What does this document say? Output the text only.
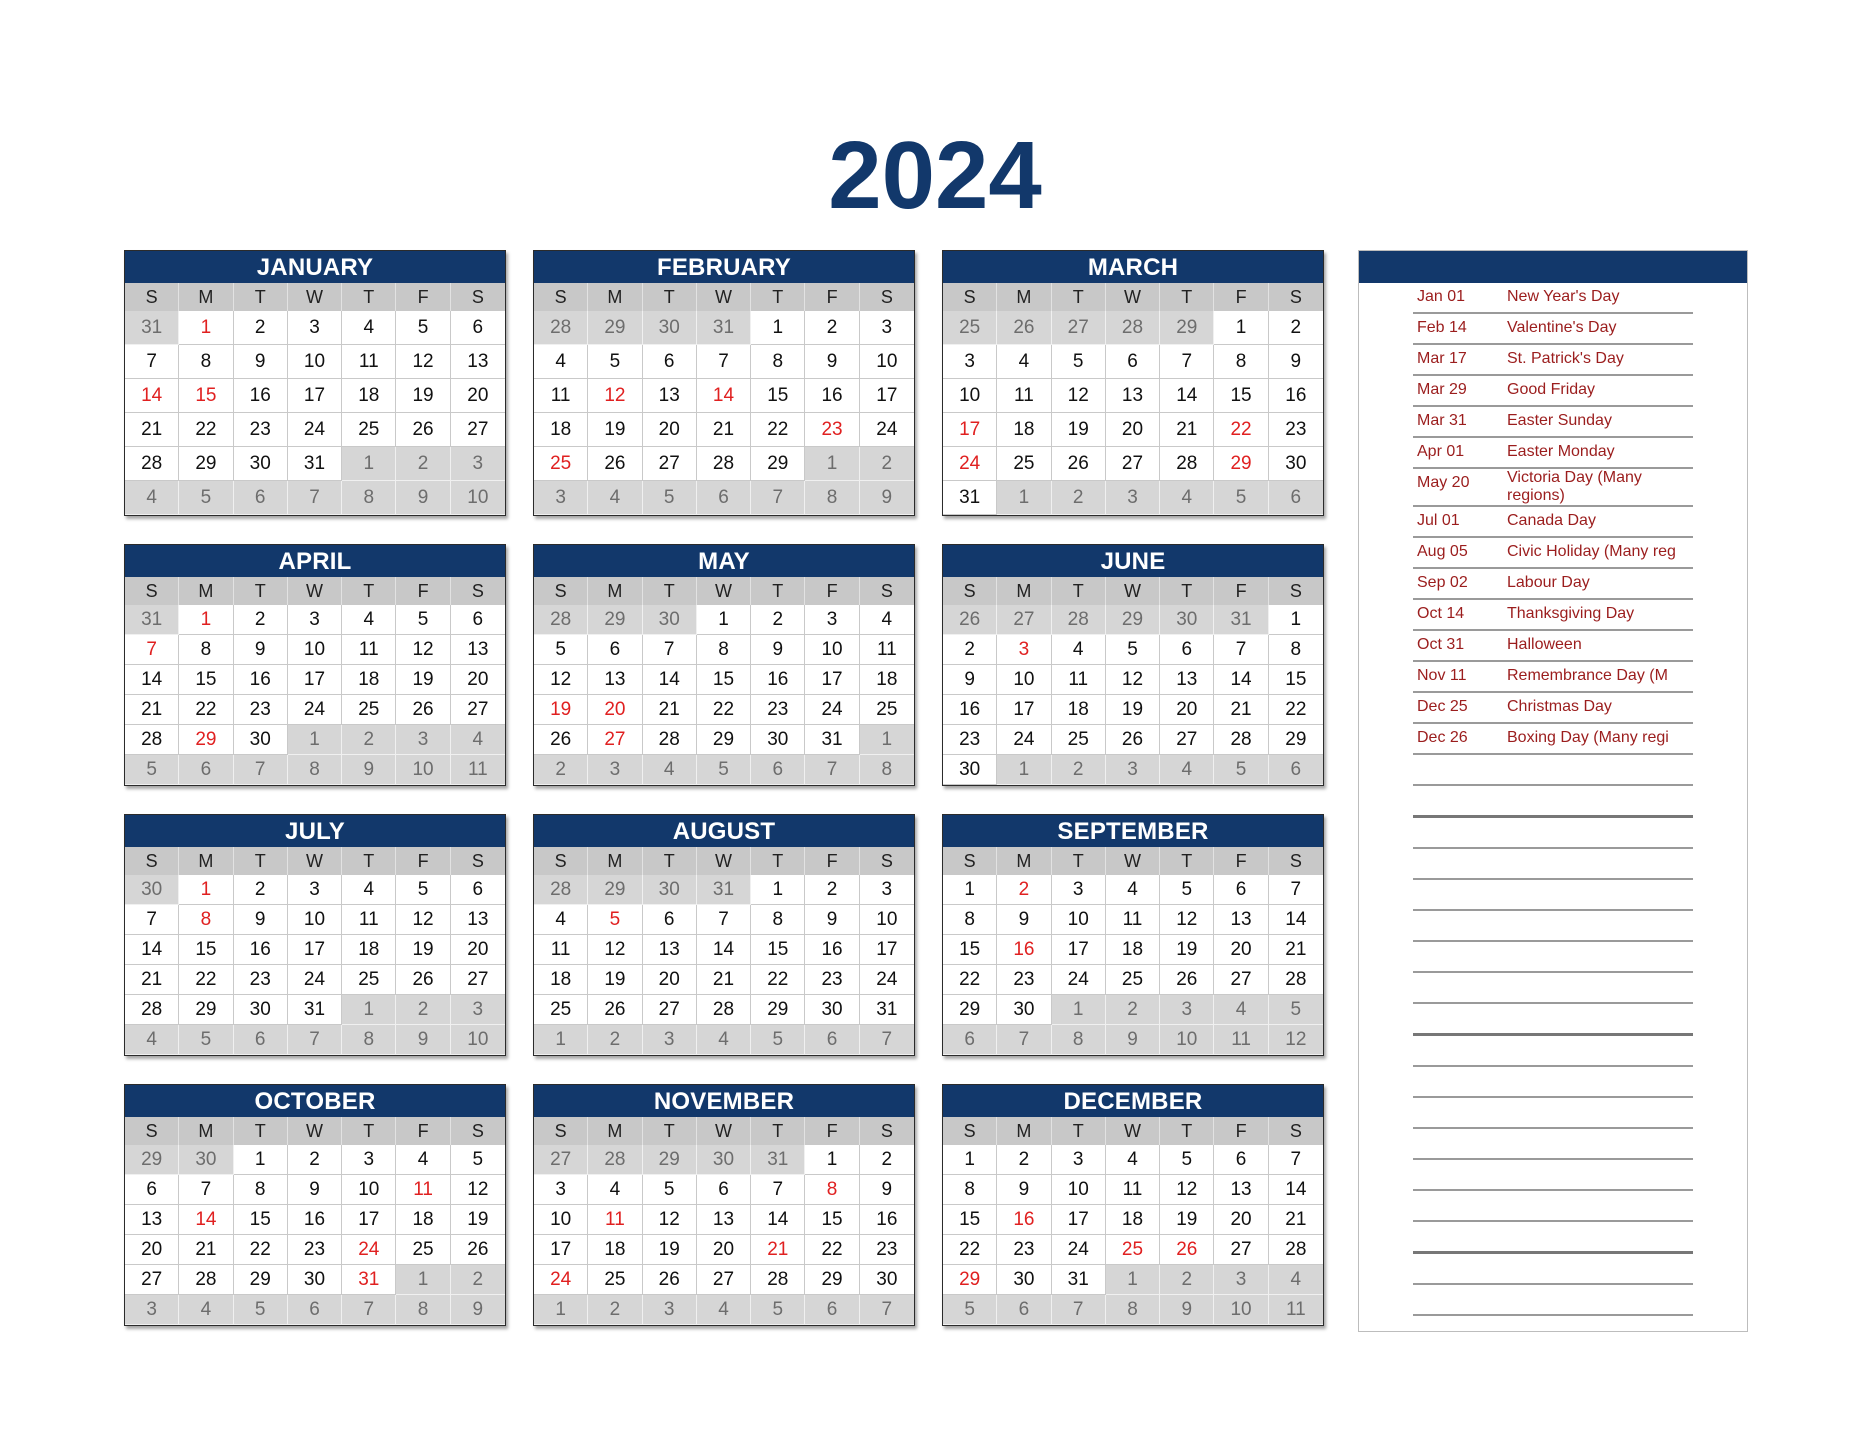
2024
JANUARY
S	M	T	W	T	F	S
31	1	2	3	4	5	6
7	8	9	10	11	12	13
14	15	16	17	18	19	20
21	22	23	24	25	26	27
28	29	30	31	1	2	3
4	5	6	7	8	9	10
FEBRUARY
S	M	T	W	T	F	S
28	29	30	31	1	2	3
4	5	6	7	8	9	10
11	12	13	14	15	16	17
18	19	20	21	22	23	24
25	26	27	28	29	1	2
3	4	5	6	7	8	9
MARCH
S	M	T	W	T	F	S
25	26	27	28	29	1	2
3	4	5	6	7	8	9
10	11	12	13	14	15	16
17	18	19	20	21	22	23
24	25	26	27	28	29	30
31	1	2	3	4	5	6
APRIL
S	M	T	W	T	F	S
31	1	2	3	4	5	6
7	8	9	10	11	12	13
14	15	16	17	18	19	20
21	22	23	24	25	26	27
28	29	30	1	2	3	4
5	6	7	8	9	10	11
MAY
S	M	T	W	T	F	S
28	29	30	1	2	3	4
5	6	7	8	9	10	11
12	13	14	15	16	17	18
19	20	21	22	23	24	25
26	27	28	29	30	31	1
2	3	4	5	6	7	8
JUNE
S	M	T	W	T	F	S
26	27	28	29	30	31	1
2	3	4	5	6	7	8
9	10	11	12	13	14	15
16	17	18	19	20	21	22
23	24	25	26	27	28	29
30	1	2	3	4	5	6
JULY
S	M	T	W	T	F	S
30	1	2	3	4	5	6
7	8	9	10	11	12	13
14	15	16	17	18	19	20
21	22	23	24	25	26	27
28	29	30	31	1	2	3
4	5	6	7	8	9	10
AUGUST
S	M	T	W	T	F	S
28	29	30	31	1	2	3
4	5	6	7	8	9	10
11	12	13	14	15	16	17
18	19	20	21	22	23	24
25	26	27	28	29	30	31
1	2	3	4	5	6	7
SEPTEMBER
S	M	T	W	T	F	S
1	2	3	4	5	6	7
8	9	10	11	12	13	14
15	16	17	18	19	20	21
22	23	24	25	26	27	28
29	30	1	2	3	4	5
6	7	8	9	10	11	12
OCTOBER
S	M	T	W	T	F	S
29	30	1	2	3	4	5
6	7	8	9	10	11	12
13	14	15	16	17	18	19
20	21	22	23	24	25	26
27	28	29	30	31	1	2
3	4	5	6	7	8	9
NOVEMBER
S	M	T	W	T	F	S
27	28	29	30	31	1	2
3	4	5	6	7	8	9
10	11	12	13	14	15	16
17	18	19	20	21	22	23
24	25	26	27	28	29	30
1	2	3	4	5	6	7
DECEMBER
S	M	T	W	T	F	S
1	2	3	4	5	6	7
8	9	10	11	12	13	14
15	16	17	18	19	20	21
22	23	24	25	26	27	28
29	30	31	1	2	3	4
5	6	7	8	9	10	11
Jan 01	New Year's Day
Feb 14	Valentine's Day
Mar 17	St. Patrick's Day
Mar 29	Good Friday
Mar 31	Easter Sunday
Apr 01	Easter Monday
May 20 Victoria Day (Many regions)
Jul 01	Canada Day
Aug 05 Civic Holiday (Many reg
Sep 02 Labour Day
Oct 14	Thanksgiving Day
Oct 31	Halloween
Nov 11	Remembrance Day (M
Dec 25 Christmas Day
Dec 26 Boxing Day (Many regi
